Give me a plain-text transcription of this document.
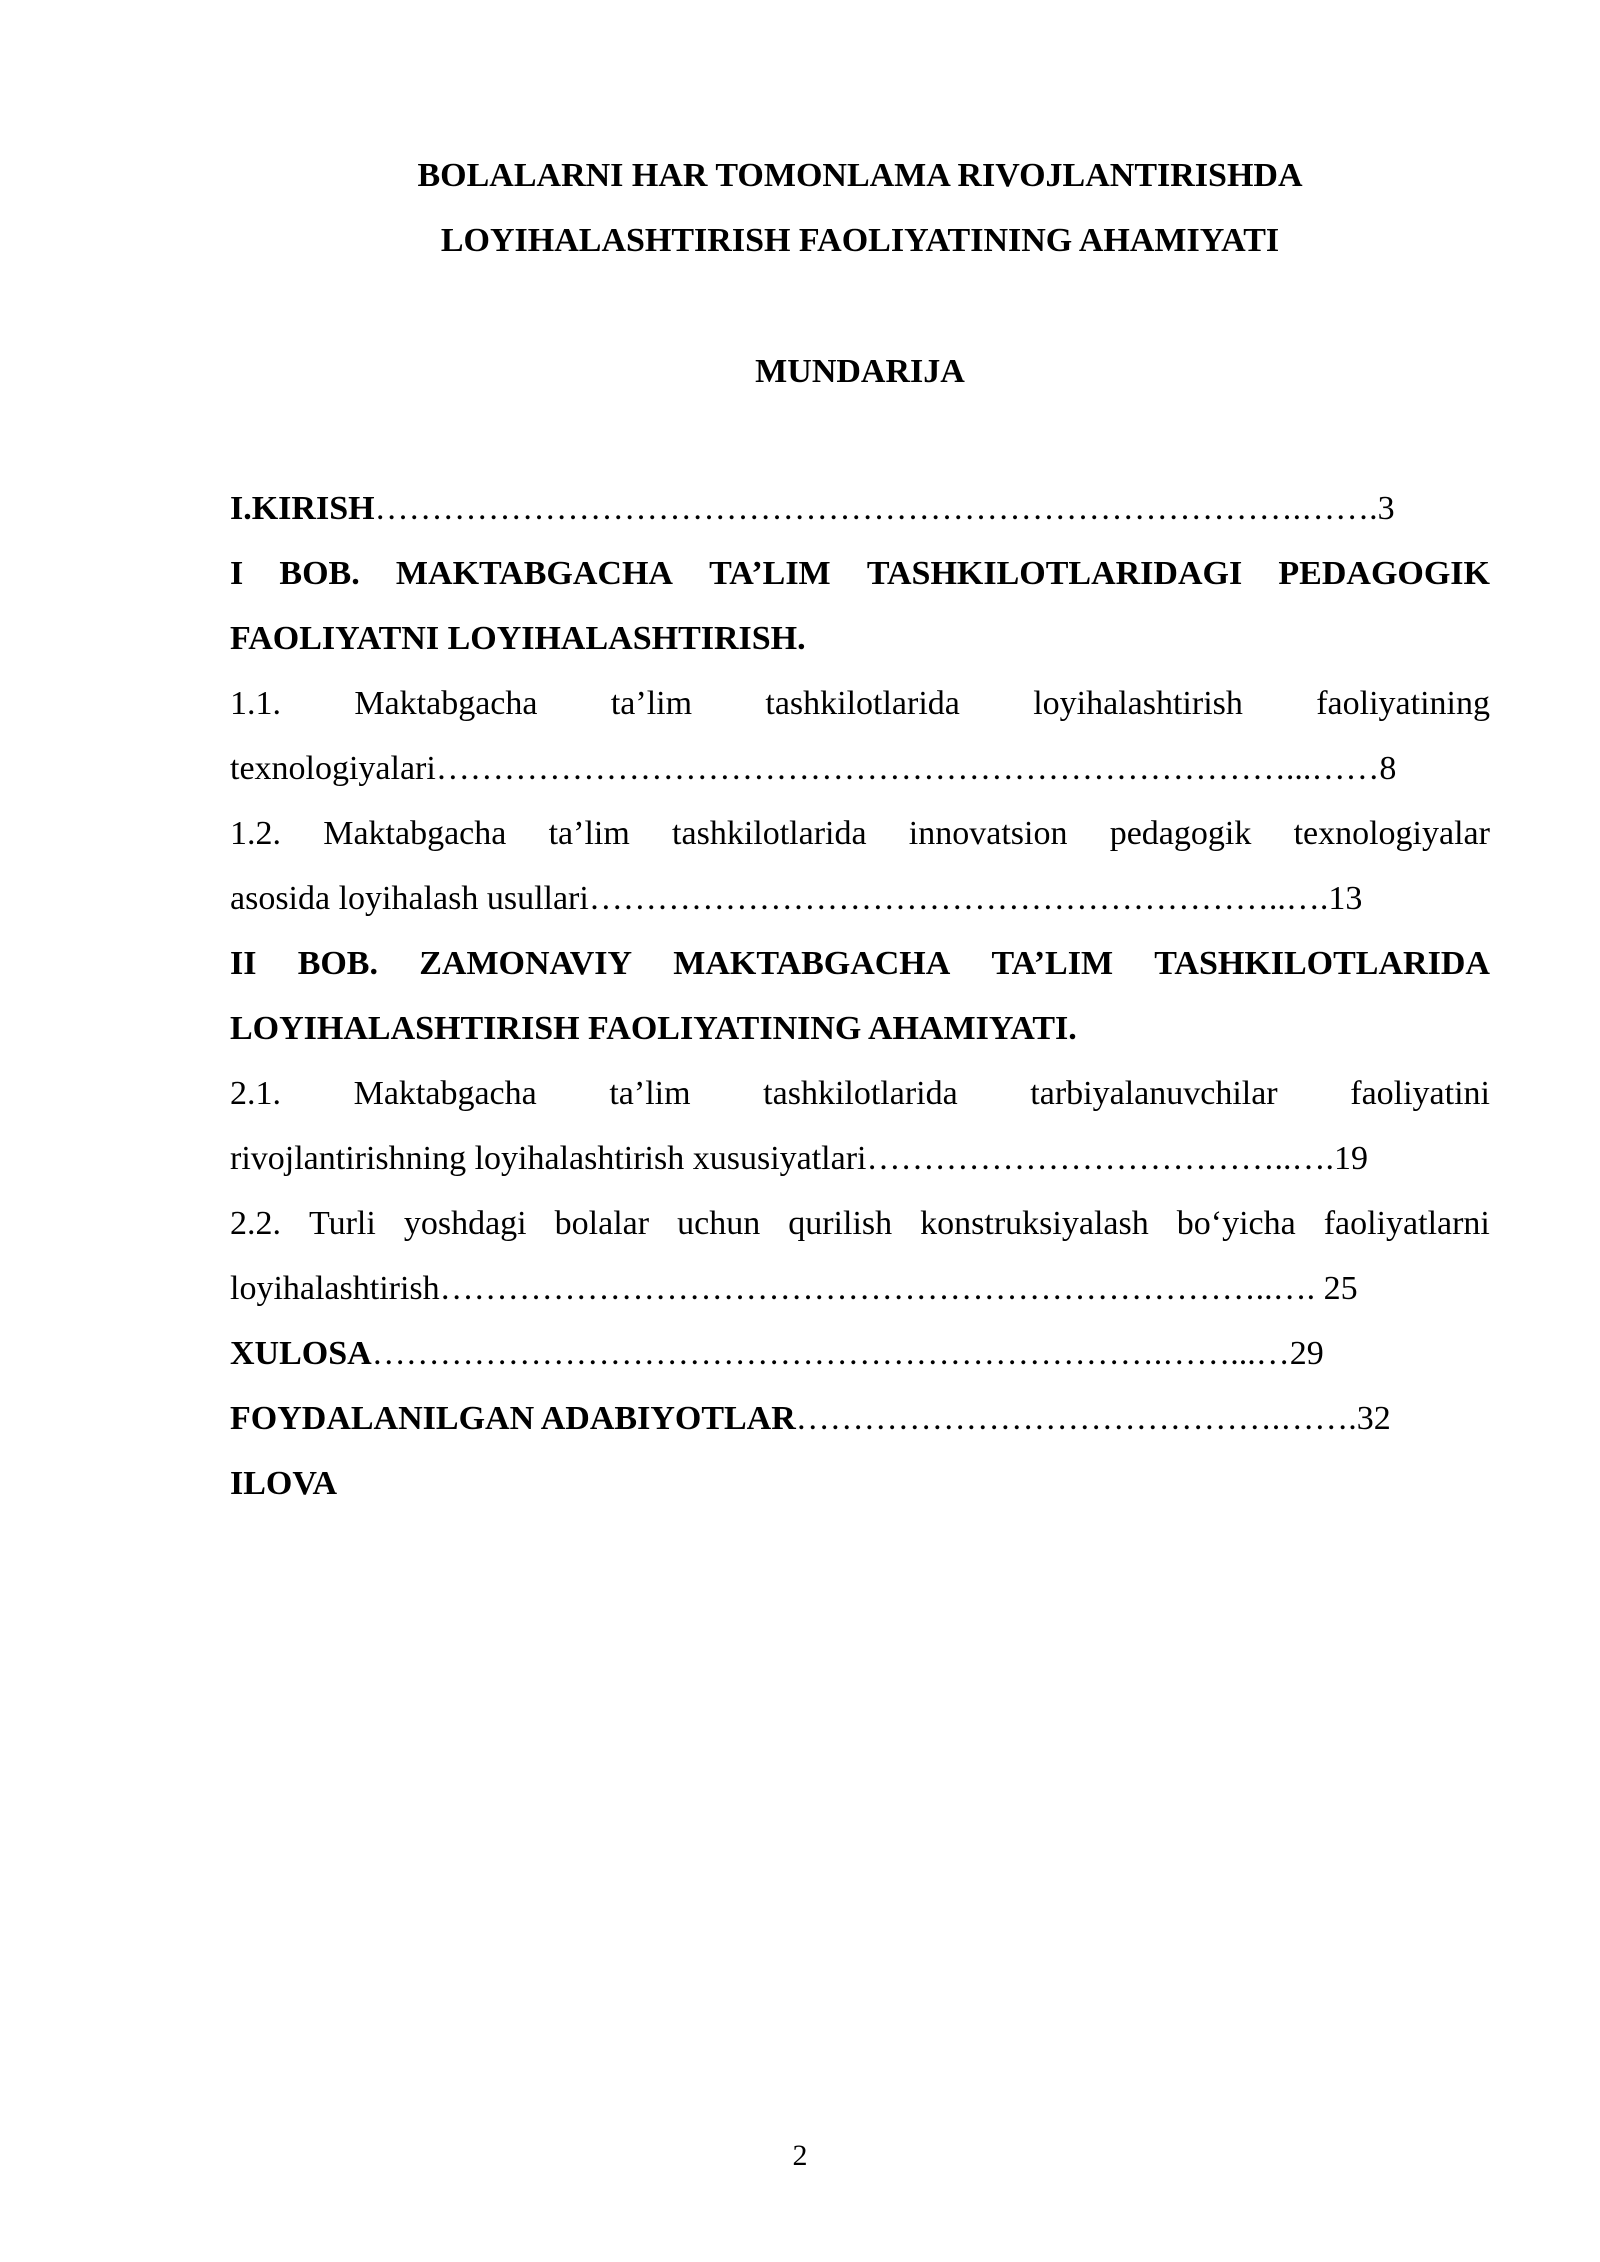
BOLALARNI HAR TOMONLAMA RIVOJLANTIRISHDA
LOYIHALASHTIRISH FAOLIYATINING AHAMIYATI
MUNDARIJA
I.KIRISH……………………………………………………………………….…….3
I BOB. MAKTABGACHA TA’LIM TASHKILOTLARIDAGI PEDAGOGIK
FAOLIYATNI LOYIHALASHTIRISH.
1.1. Maktabgacha ta’lim tashkilotlarida loyihalashtirish faoliyatining
texnologiyalari…………………………………………………………………...……8
1.2. Maktabgacha ta’lim tashkilotlarida innovatsion pedagogik texnologiyalar
asosida loyihalash usullari……………………………………………………..….13
II BOB. ZAMONAVIY MAKTABGACHA TA’LIM TASHKILOTLARIDA
LOYIHALASHTIRISH FAOLIYATINING AHAMIYATI.
2.1. Maktabgacha ta’lim tashkilotlarida tarbiyalanuvchilar faoliyatini
rivojlantirishning loyihalashtirish xususiyatlari………………………………..….19
2.2. Turli yoshdagi bolalar uchun qurilish konstruksiyalash bo‘yicha faoliyatlarni
loyihalashtirish………………………………………………………………..…. 25
XULOSA…………………………………………………………….……...…29
FOYDALANILGAN ADABIYOTLAR…………………………………….…….32
ILOVA
2
